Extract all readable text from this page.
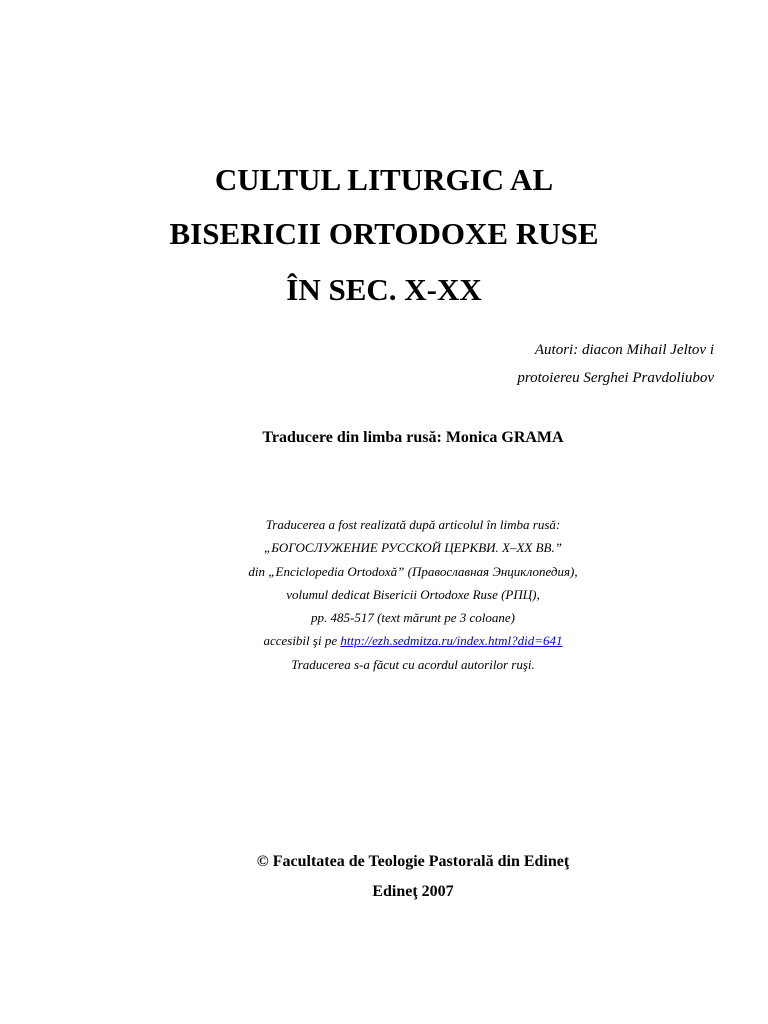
CULTUL LITURGIC AL
BISERICII ORTODOXE RUSE
ÎN SEC. X-XX
Autori: diacon Mihail Jeltov i
protoiereu Serghei Pravdoliubov
Traducere din limba rusă: Monica GRAMA
Traducerea a fost realizată după articolul în limba rusă:
„БОГОСЛУЖЕНИЕ РУССКОЙ ЦЕРКВИ. X–XX ВВ.”
din „Enciclopedia Ortodoxă” (Православная Энциклопедия),
volumul dedicat Bisericii Ortodoxe Ruse (РПЦ),
pp. 485-517 (text mărunt pe 3 coloane)
accesibil şi pe http://ezh.sedmitza.ru/index.html?did=641
Traducerea s-a făcut cu acordul autorilor ruşi.
© Facultatea de Teologie Pastorală din Edineţ
Edineţ 2007
